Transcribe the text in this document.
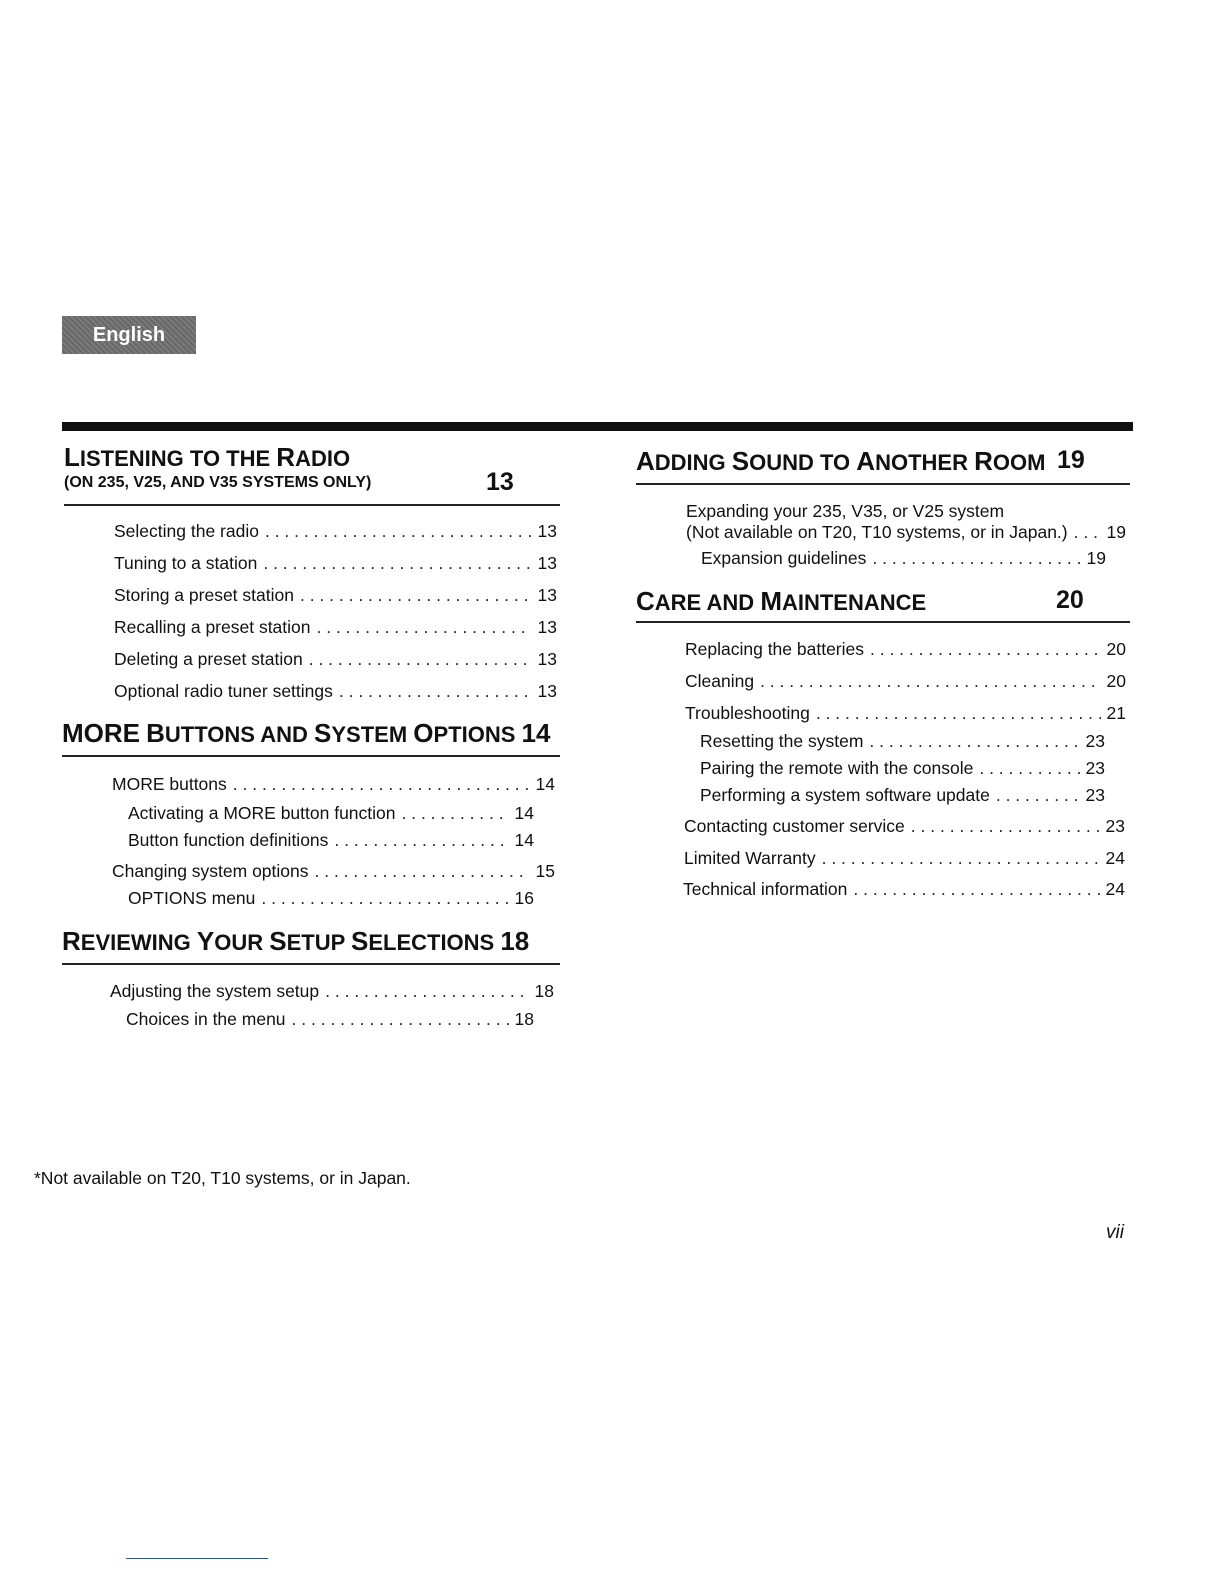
English
LISTENING TO THE RADIO
(ON 235, V25, AND V35 SYSTEMS ONLY)	13
Selecting the radio . . .	13
Tuning to a station . . .	13
Storing a preset station . . .	13
Recalling a preset station . . .	13
Deleting a preset station . . .	13
Optional radio tuner settings . . .	13
MORE BUTTONS AND SYSTEM OPTIONS 14
MORE buttons . . .	14
Activating a MORE button function . . .	14
Button function definitions . . .	14
Changing system options . . .	15
OPTIONS menu . . .	16
REVIEWING YOUR SETUP SELECTIONS 18
Adjusting the system setup . . .	18
Choices in the menu . . .	18
ADDING SOUND TO ANOTHER ROOM 19
Expanding your 235, V35, or V25 system
(Not available on T20, T10 systems, or in Japan.) . . . 19
Expansion guidelines . . .	19
CARE AND MAINTENANCE	20
Replacing the batteries . . .	20
Cleaning . . .	20
Troubleshooting . . .	21
Resetting the system . . .	23
Pairing the remote with the console . . .	23
Performing a system software update . . .	23
Contacting customer service . . .	23
Limited Warranty . . .	24
Technical information . . .	24
*Not available on T20, T10 systems, or in Japan.
vii
